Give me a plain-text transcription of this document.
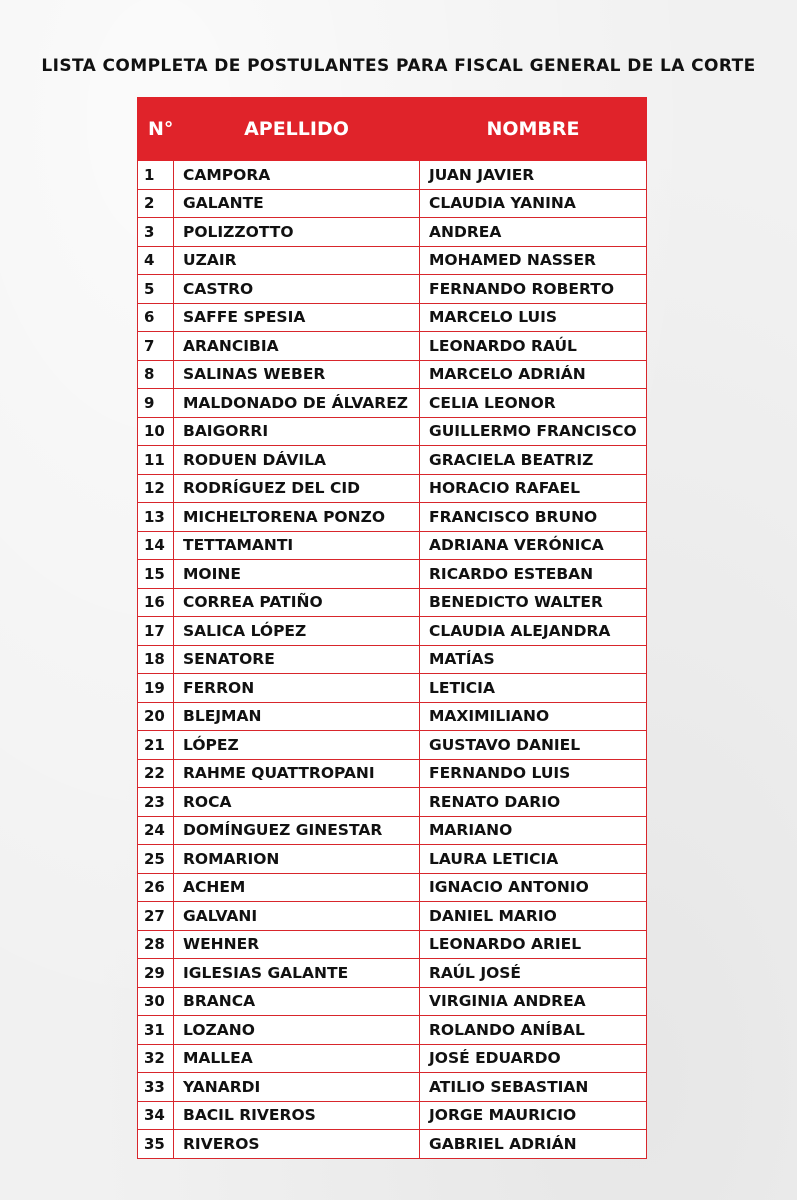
LISTA COMPLETA DE POSTULANTES PARA FISCAL GENERAL DE LA CORTE
N°	APELLIDO	NOMBRE
1	CAMPORA	JUAN JAVIER
2	GALANTE	CLAUDIA YANINA
3	POLIZZOTTO	ANDREA
4	UZAIR	MOHAMED NASSER
5	CASTRO	FERNANDO ROBERTO
6	SAFFE SPESIA	MARCELO LUIS
7	ARANCIBIA	LEONARDO RAÚL
8	SALINAS WEBER	MARCELO ADRIÁN
9	MALDONADO DE ÁLVAREZ	CELIA LEONOR
10	BAIGORRI	GUILLERMO FRANCISCO
11	RODUEN DÁVILA	GRACIELA BEATRIZ
12	RODRÍGUEZ DEL CID	HORACIO RAFAEL
13	MICHELTORENA PONZO	FRANCISCO BRUNO
14	TETTAMANTI	ADRIANA VERÓNICA
15	MOINE	RICARDO ESTEBAN
16	CORREA PATIÑO	BENEDICTO WALTER
17	SALICA LÓPEZ	CLAUDIA ALEJANDRA
18	SENATORE	MATÍAS
19	FERRON	LETICIA
20	BLEJMAN	MAXIMILIANO
21	LÓPEZ	GUSTAVO DANIEL
22	RAHME QUATTROPANI	FERNANDO LUIS
23	ROCA	RENATO DARIO
24	DOMÍNGUEZ GINESTAR	MARIANO
25	ROMARION	LAURA LETICIA
26	ACHEM	IGNACIO ANTONIO
27	GALVANI	DANIEL MARIO
28	WEHNER	LEONARDO ARIEL
29	IGLESIAS GALANTE	RAÚL JOSÉ
30	BRANCA	VIRGINIA ANDREA
31	LOZANO	ROLANDO ANÍBAL
32	MALLEA	JOSÉ EDUARDO
33	YANARDI	ATILIO SEBASTIAN
34	BACIL RIVEROS	JORGE MAURICIO
35	RIVEROS	GABRIEL ADRIÁN
